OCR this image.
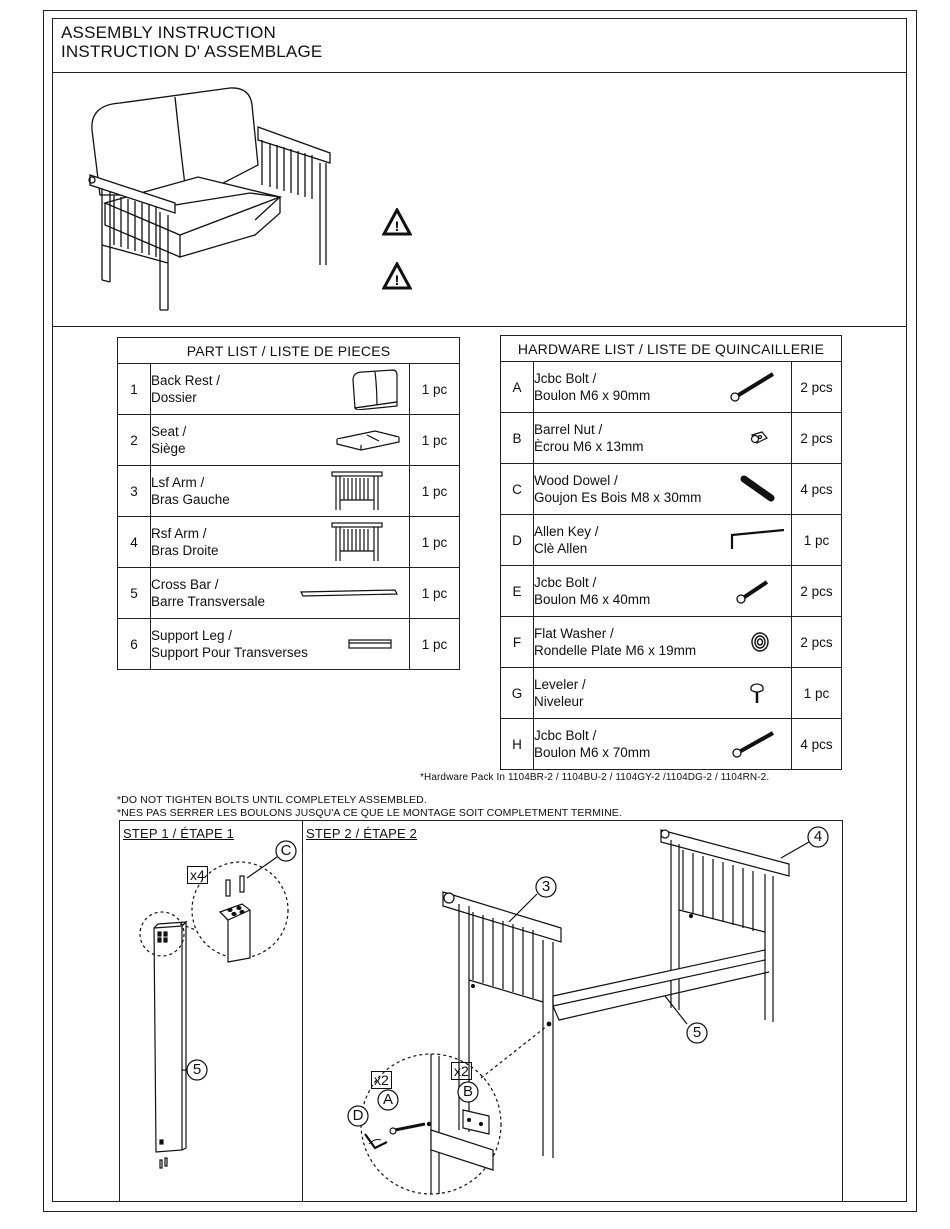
ASSEMBLY INSTRUCTION
INSTRUCTION D' ASSEMBLAGE
!
!
PART LIST / LISTE DE PIECES		
1	Back Rest /
Dossier	1 pc
2	Seat /
Siège	1 pc
3	Lsf Arm /
Bras Gauche	1 pc
4	Rsf Arm /
Bras Droite	1 pc
5	Cross Bar /
Barre Transversale	1 pc
6	Support Leg /
Support Pour Transverses	1 pc
HARDWARE LIST / LISTE DE QUINCAILLERIE		
A	Jcbc Bolt /
Boulon M6 x 90mm	2 pcs
B	Barrel Nut /
Ècrou M6 x 13mm	2 pcs
C	Wood Dowel /
Goujon Es Bois M8 x 30mm	4 pcs
D	Allen Key /
Clè Allen	1 pc
E	Jcbc Bolt /
Boulon M6 x 40mm	2 pcs
F	Flat Washer /
Rondelle Plate M6 x 19mm	2 pcs
G	Leveler /
Niveleur	1 pc
H	Jcbc Bolt /
Boulon M6 x 70mm	4 pcs
*Hardware Pack In 1104BR-2 / 1104BU-2 / 1104GY-2 /1104DG-2 / 1104RN-2.
*DO NOT TIGHTEN BOLTS UNTIL COMPLETELY ASSEMBLED.
*NES PAS SERRER LES BOULONS JUSQU'A CE QUE LE MONTAGE SOIT COMPLETMENT TERMINE.
STEP 1 / ÉTAPE 1	STEP 2 / ÉTAPE 2
x4
C
5
3
4
5
x2
A
x2
B
D
